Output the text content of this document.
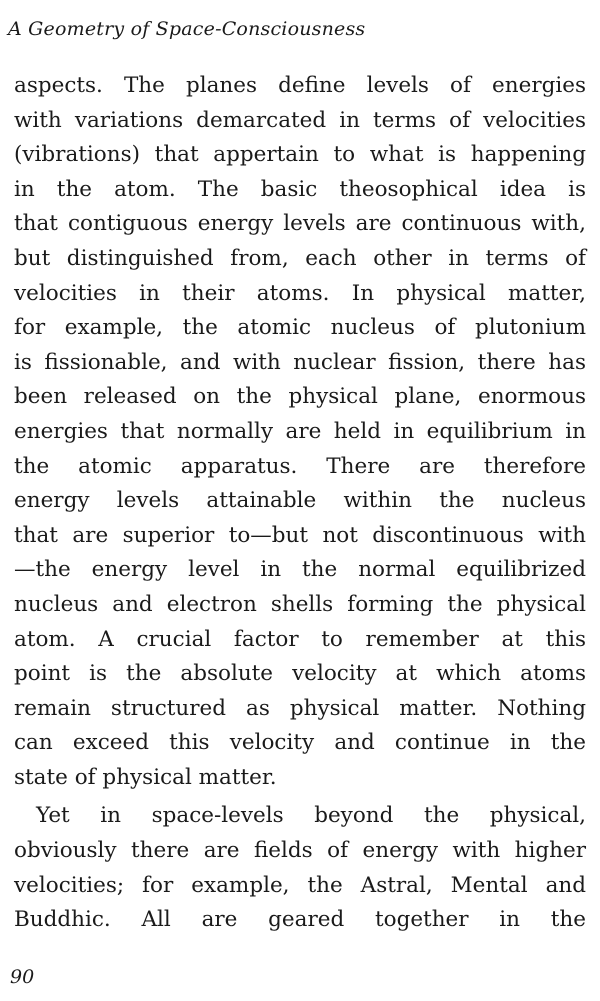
A Geometry of Space-Consciousness
aspects. The planes define levels of energies
with variations demarcated in terms of velocities
(vibrations) that appertain to what is happening
in the atom. The basic theosophical idea is
that contiguous energy levels are continuous with,
but distinguished from, each other in terms of
velocities in their atoms. In physical matter,
for example, the atomic nucleus of plutonium
is fissionable, and with nuclear fission, there has
been released on the physical plane, enormous
energies that normally are held in equilibrium in
the atomic apparatus. There are therefore
energy levels attainable within the nucleus
that are superior to—but not discontinuous with
—the energy level in the normal equilibrized
nucleus and electron shells forming the physical
atom. A crucial factor to remember at this
point is the absolute velocity at which atoms
remain structured as physical matter. Nothing
can exceed this velocity and continue in the
state of physical matter.
Yet in space-levels beyond the physical,
obviously there are fields of energy with higher
velocities; for example, the Astral, Mental and
Buddhic. All are geared together in the
90
